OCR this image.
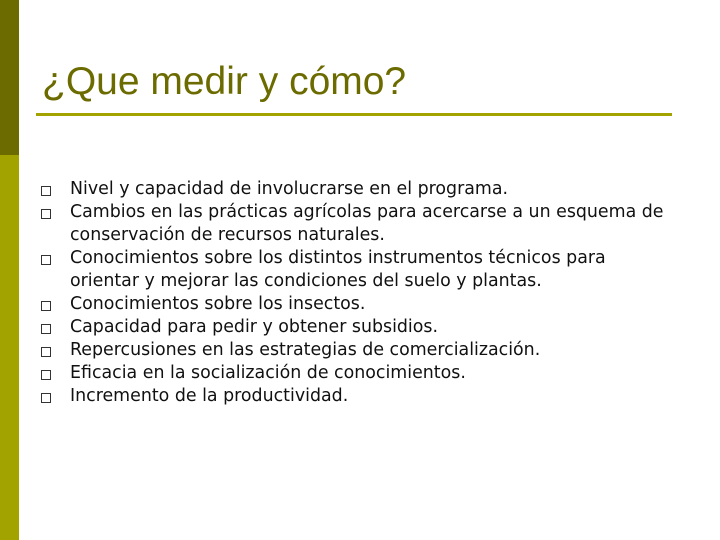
¿Que medir y cómo?
Nivel y capacidad de involucrarse en el programa.
Cambios en las prácticas agrícolas para acercarse a un esquema de conservación de recursos naturales.
Conocimientos sobre los distintos instrumentos técnicos para orientar y mejorar las condiciones del suelo y plantas.
Conocimientos sobre los insectos.
Capacidad para pedir y obtener subsidios.
Repercusiones en las estrategias de comercialización.
Eficacia en la socialización de conocimientos.
Incremento de la productividad.
